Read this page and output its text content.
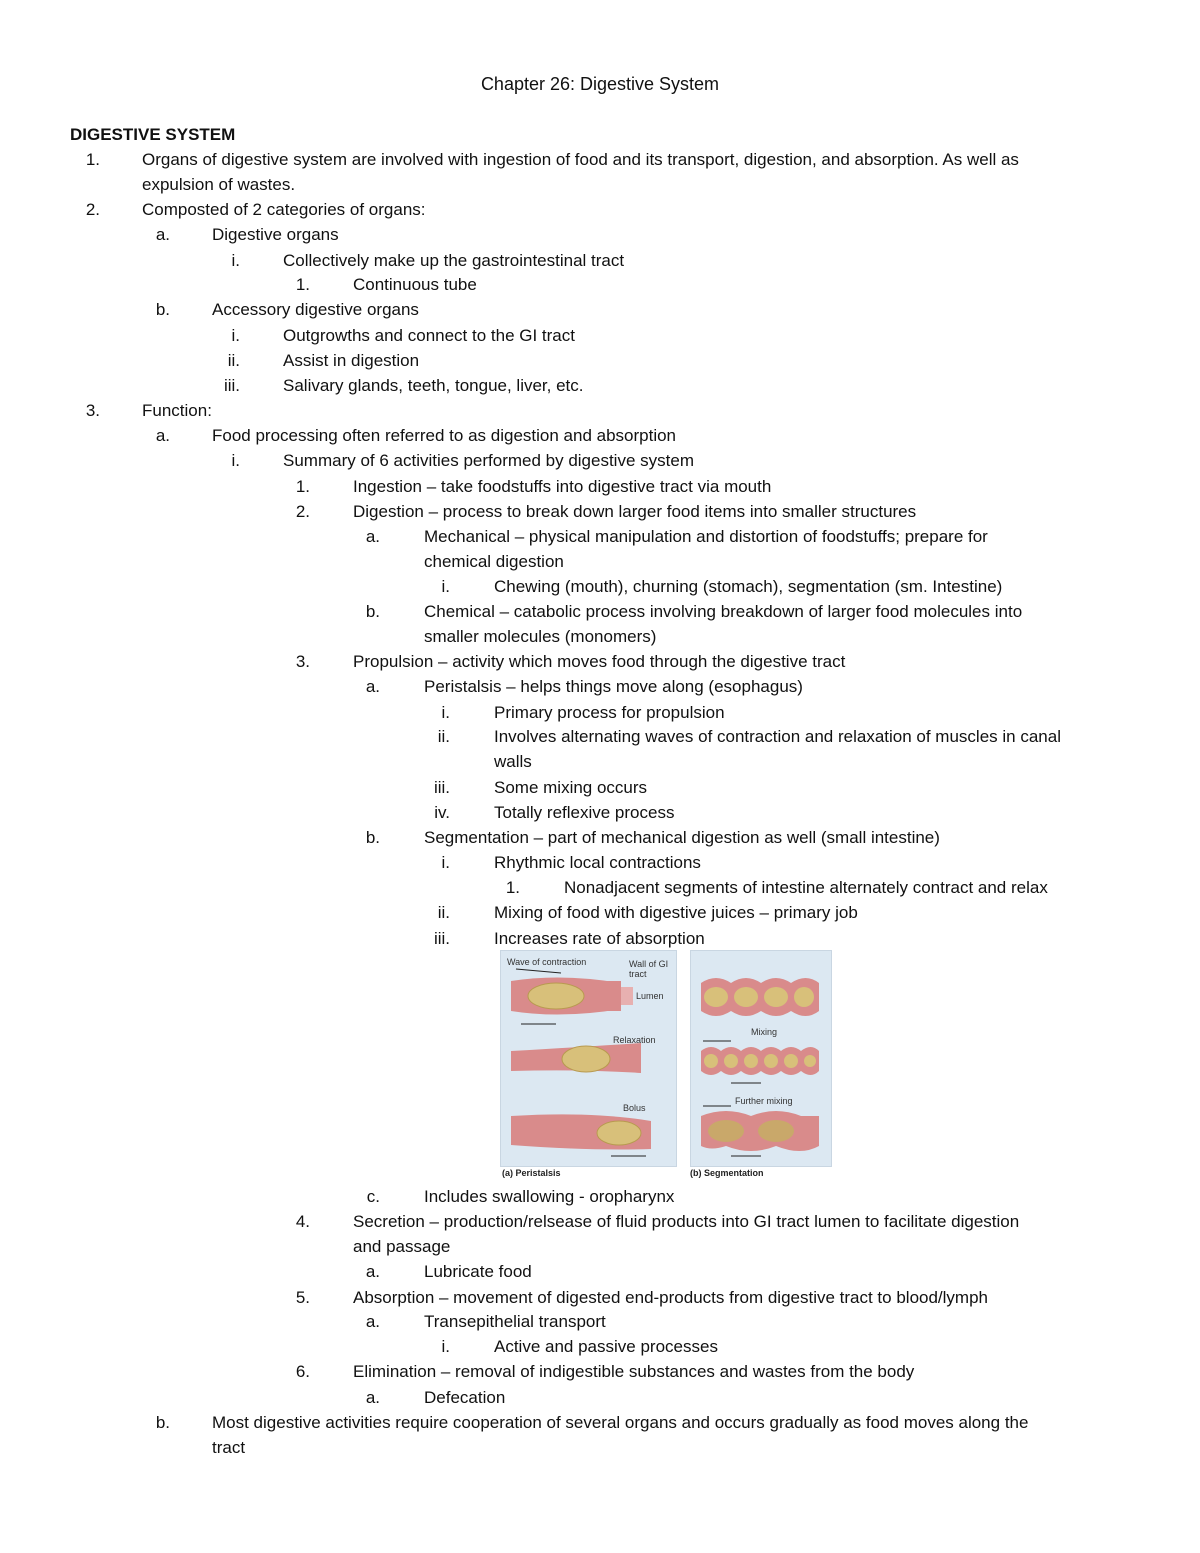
Chapter 26: Digestive System
DIGESTIVE SYSTEM
1. Organs of digestive system are involved with ingestion of food and its transport, digestion, and absorption. As well as
expulsion of wastes.
2. Composted of 2 categories of organs:
a. Digestive organs
i.	Collectively make up the gastrointestinal tract
1.	Continuous tube
b. Accessory digestive organs
i.	Outgrowths and connect to the GI tract
ii.	Assist in digestion
iii.	Salivary glands, teeth, tongue, liver, etc.
3. Function:
a. Food processing often referred to as digestion and absorption
i.	Summary of 6 activities performed by digestive system
1.	Ingestion – take foodstuffs into digestive tract via mouth
2.	Digestion – process to break down larger food items into smaller structures
a.	Mechanical – physical manipulation and distortion of foodstuffs; prepare for
chemical digestion
i.	Chewing (mouth), churning (stomach), segmentation (sm. Intestine)
b.	Chemical – catabolic process involving breakdown of larger food molecules into
smaller molecules (monomers)
3.	Propulsion – activity which moves food through the digestive tract
a.	Peristalsis – helps things move along (esophagus)
i.	Primary process for propulsion
ii.	Involves alternating waves of contraction and relaxation of muscles in canal
walls
iii.	Some mixing occurs
iv.	Totally reflexive process
b.	Segmentation – part of mechanical digestion as well (small intestine)
i.	Rhythmic local contractions
1.	Nonadjacent segments of intestine alternately contract and relax
ii.	Mixing of food with digestive juices – primary job
iii.	Increases rate of absorption
c.	Includes swallowing - oropharynx
4.	Secretion – production/relsease of fluid products into GI tract lumen to facilitate digestion
and passage
a.	Lubricate food
5.	Absorption – movement of digested end-products from digestive tract to blood/lymph
a.	Transepithelial transport
i.	Active and passive processes
6.	Elimination – removal of indigestible substances and wastes from the body
a.	Defecation
b. Most digestive activities require cooperation of several organs and occurs gradually as food moves along the
tract
Wave of contraction	Wall of GI tract
Lumen
Relaxation
Bolus
Mixing
Further mixing
(a) Peristalsis	(b) Segmentation
